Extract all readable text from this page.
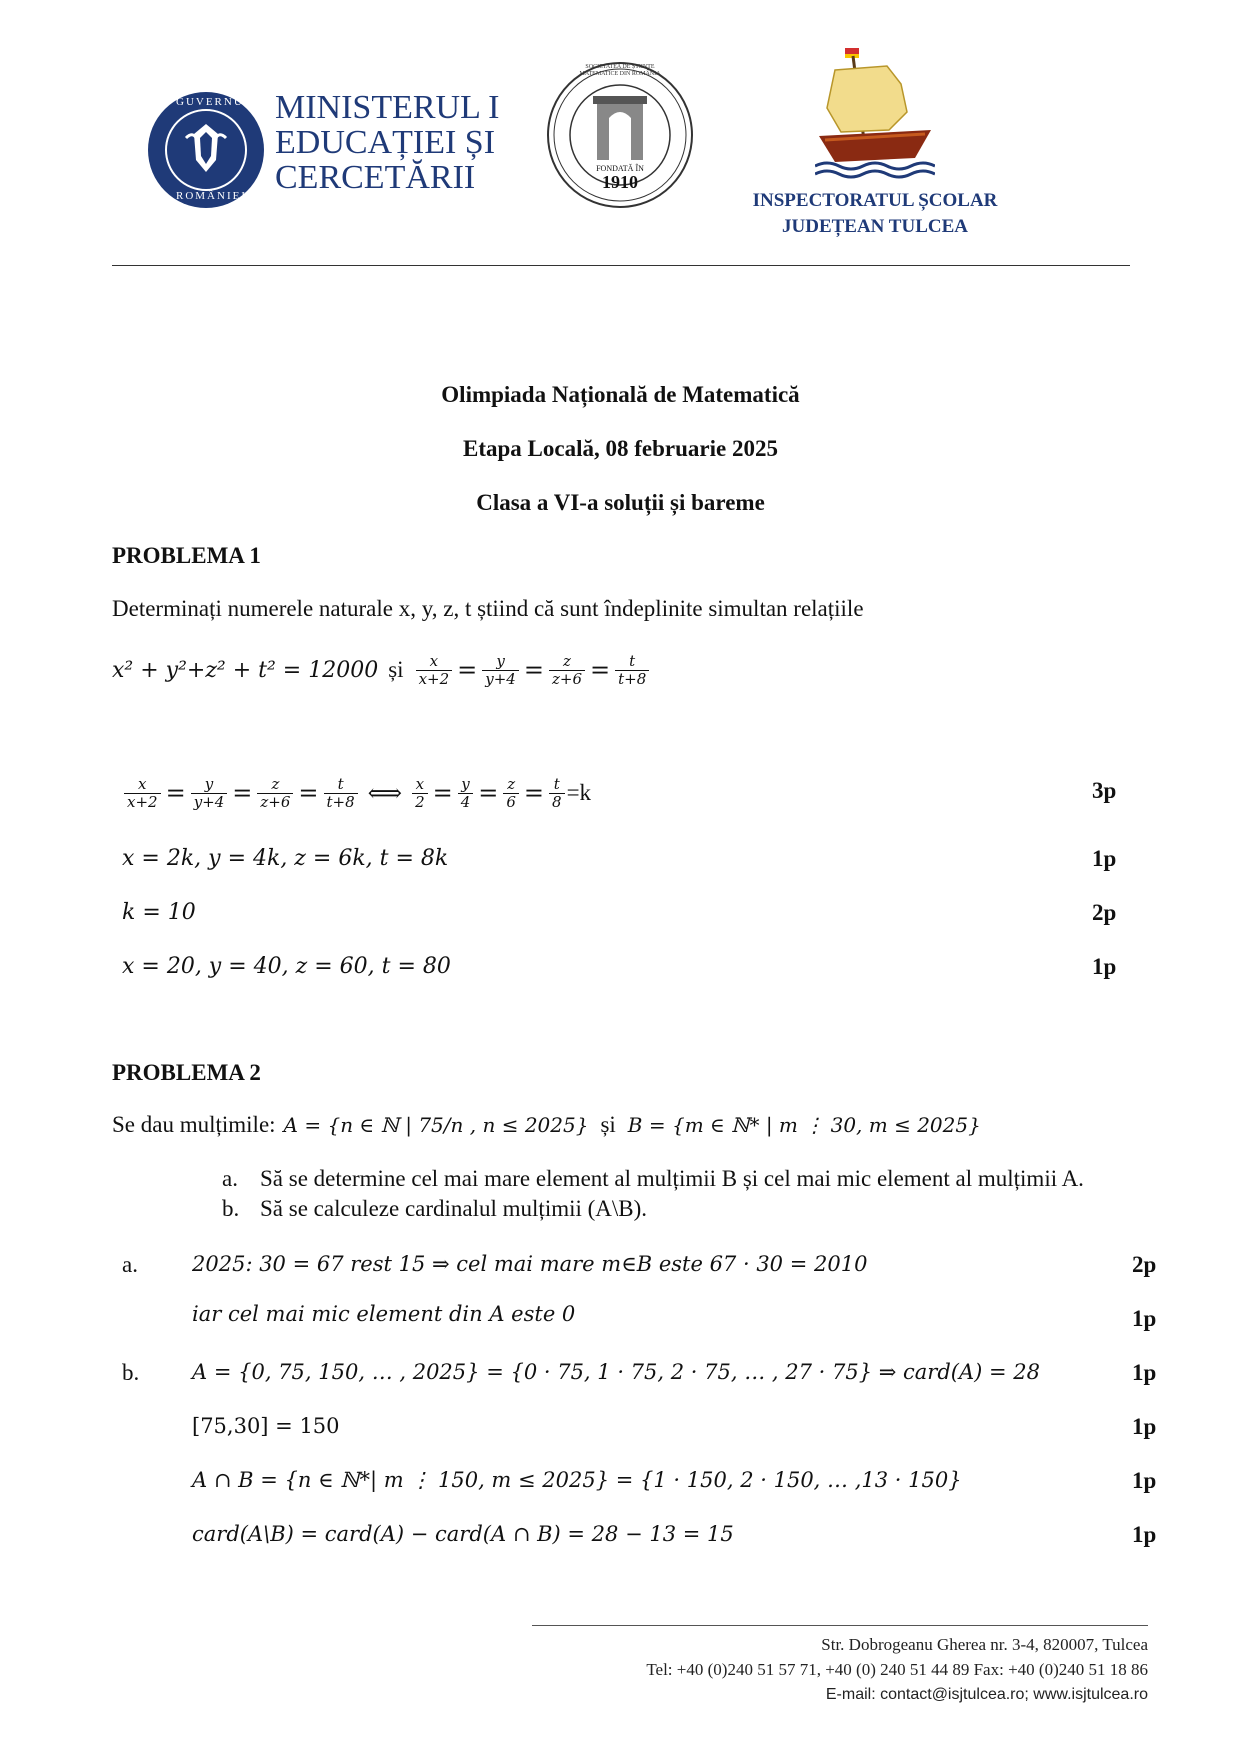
GUVERNUL
ROMÂNIEI
MINISTERUL I
EDUCAȚIEI ȘI
CERCETĂRII
SOCIETATEA DE ȘTIINȚE MATEMATICE DIN ROMÂNIA
FONDATĂ ÎN
1910
INSPECTORATUL ȘCOLAR
JUDEȚEAN TULCEA
Olimpiada Națională de Matematică
Etapa Locală, 08 februarie 2025
Clasa a VI-a soluții și bareme
PROBLEMA 1
Determinați numerele naturale x, y, z, t știind că sunt îndeplinite simultan relațiile
x² + y²+z² + t² = 12000 și $\frac{x}{x+2} = \frac{y}{y+4} = \frac{z}{z+6} = \frac{t}{t+8}$
$\frac{x}{x+2} = \frac{y}{y+4} = \frac{z}{z+6} = \frac{t}{t+8}$ ⟺ $\frac{x}{2} = \frac{y}{4} = \frac{z}{6} = \frac{t}{8} =k$	3p
x = 2k, y = 4k, z = 6k, t = 8k	1p
k = 10	2p
x = 20, y = 40, z = 60, t = 80	1p
PROBLEMA 2
Se dau mulțimile: A = {n ∈ ℕ | 75/n , n ≤ 2025} și B = {m ∈ ℕ* | m ⋮ 30, m ≤ 2025}
a. Să se determine cel mai mare element al mulțimii B și cel mai mic element al mulțimii A.
b. Să se calculeze cardinalul mulțimii (A\B).
a.	2025: 30 = 67 rest 15 ⇒ cel mai mare m∈B este 67 · 30 = 2010	2p
iar cel mai mic element din A este 0	1p
b.	A = {0, 75, 150, … , 2025} = {0 · 75, 1 · 75, 2 · 75, … , 27 · 75} ⇒ card(A) = 28	1p
[75,30] = 150	1p
A ∩ B = {n ∈ ℕ*| m ⋮ 150, m ≤ 2025} = {1 · 150, 2 · 150, … ,13 · 150}	1p
card(A\B) = card(A) − card(A ∩ B) = 28 − 13 = 15	1p
Str. Dobrogeanu Gherea nr. 3-4, 820007, Tulcea
Tel: +40 (0)240 51 57 71, +40 (0) 240 51 44 89 Fax: +40 (0)240 51 18 86
E-mail: contact@isjtulcea.ro; www.isjtulcea.ro
